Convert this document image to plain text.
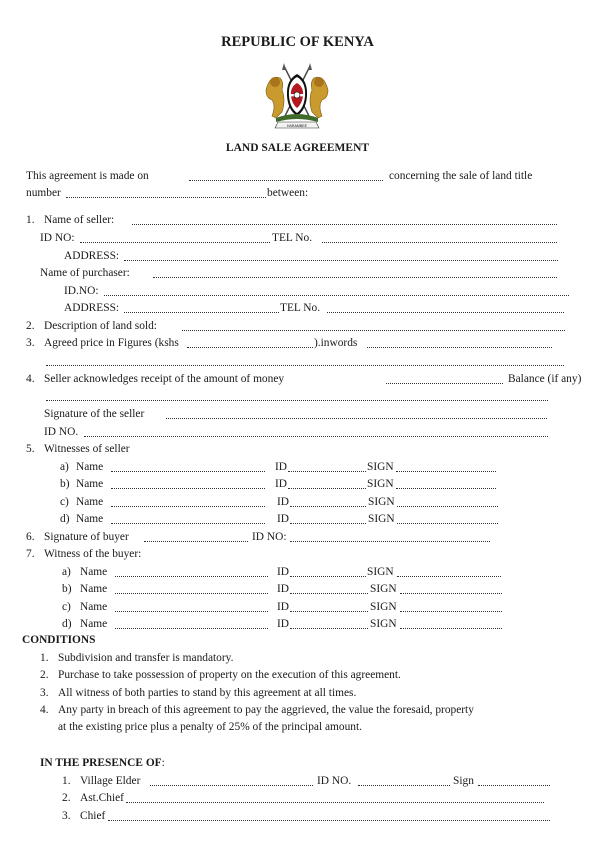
REPUBLIC OF KENYA
HARAMBEE
LAND SALE AGREEMENT
This agreement is made on	concerning the sale of land title
number	between:
1. Name of seller:
ID NO:	TEL No.
ADDRESS:
Name of purchaser:
ID.NO:
ADDRESS:	TEL No.
2. Description of land sold:
3. Agreed price in Figures (kshs	).inwords
4. Seller acknowledges receipt of the amount of money	Balance (if any)
Signature of the seller
ID NO.
5. Witnesses of seller
a) Name	ID	SIGN
b) Name	ID	SIGN
c) Name	ID	SIGN
d) Name	ID	SIGN
6. Signature of buyer	ID NO:
7. Witness of the buyer:
a) Name	ID	SIGN
b) Name	ID	SIGN
c) Name	ID	SIGN
d) Name	ID	SIGN
CONDITIONS
1. Subdivision and transfer is mandatory.
2. Purchase to take possession of property on the execution of this agreement.
3. All witness of both parties to stand by this agreement at all times.
4. Any party in breach of this agreement to pay the aggrieved, the value the foresaid, property
at the existing price plus a penalty of 25% of the principal amount.
IN THE PRESENCE OF:
1. Village Elder	ID NO.	Sign
2. Ast.Chief
3. Chief
